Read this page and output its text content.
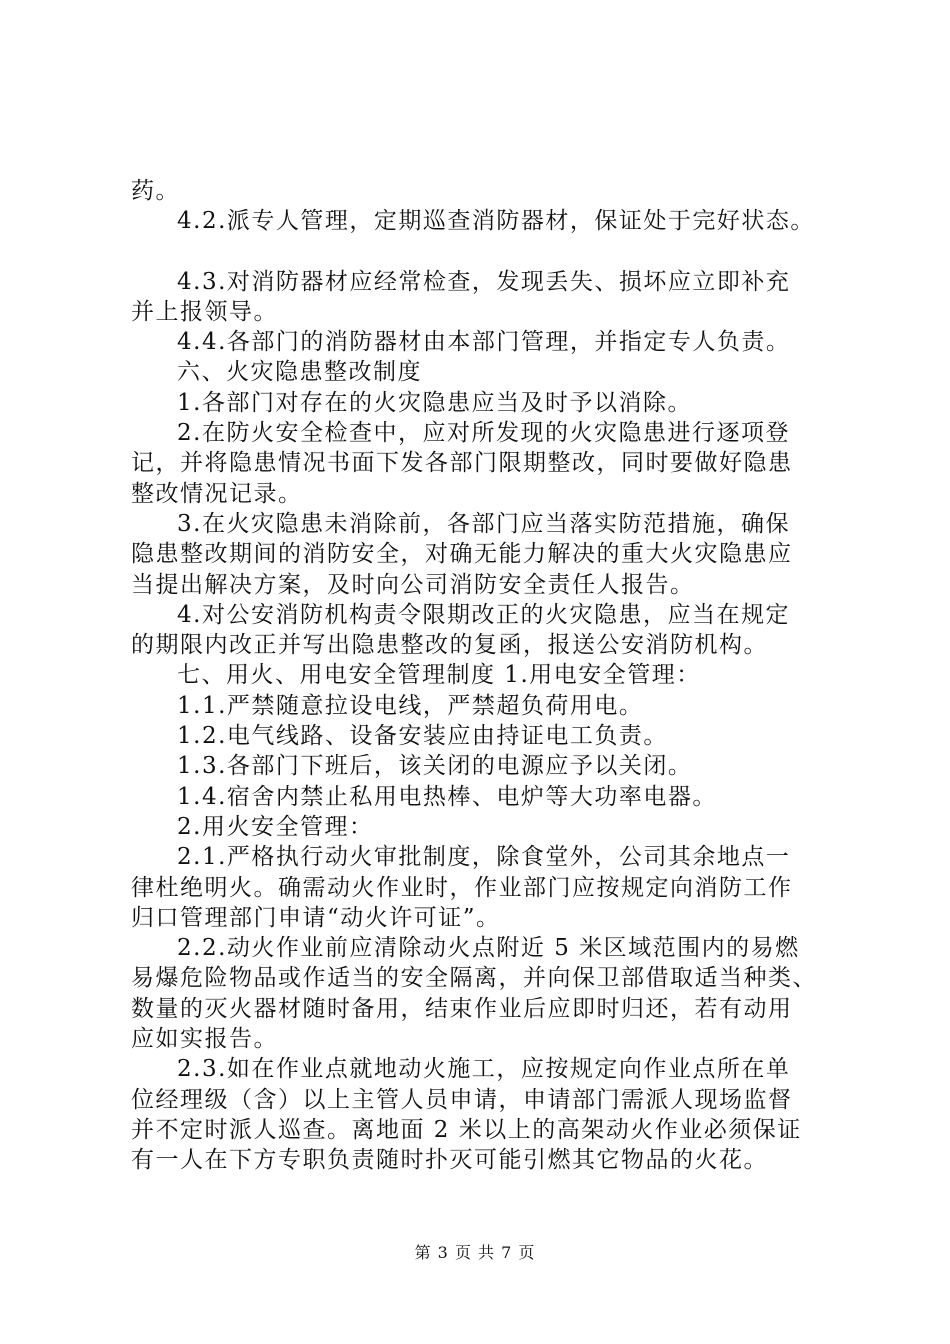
药。
4.2.派专人管理，定期巡查消防器材，保证处于完好状态。
4.3.对消防器材应经常检查，发现丢失、损坏应立即补充
并上报领导。
4.4.各部门的消防器材由本部门管理，并指定专人负责。
六、火灾隐患整改制度
1.各部门对存在的火灾隐患应当及时予以消除。
2.在防火安全检查中，应对所发现的火灾隐患进行逐项登
记，并将隐患情况书面下发各部门限期整改，同时要做好隐患
整改情况记录。
3.在火灾隐患未消除前，各部门应当落实防范措施，确保
隐患整改期间的消防安全，对确无能力解决的重大火灾隐患应
当提出解决方案，及时向公司消防安全责任人报告。
4.对公安消防机构责令限期改正的火灾隐患，应当在规定
的期限内改正并写出隐患整改的复函，报送公安消防机构。
七、用火、用电安全管理制度 1.用电安全管理：
1.1.严禁随意拉设电线，严禁超负荷用电。
1.2.电气线路、设备安装应由持证电工负责。
1.3.各部门下班后，该关闭的电源应予以关闭。
1.4.宿舍内禁止私用电热棒、电炉等大功率电器。
2.用火安全管理：
2.1.严格执行动火审批制度，除食堂外，公司其余地点一
律杜绝明火。确需动火作业时，作业部门应按规定向消防工作
归口管理部门申请“动火许可证”。
2.2.动火作业前应清除动火点附近 5 米区域范围内的易燃
易爆危险物品或作适当的安全隔离，并向保卫部借取适当种类、
数量的灭火器材随时备用，结束作业后应即时归还，若有动用
应如实报告。
2.3.如在作业点就地动火施工，应按规定向作业点所在单
位经理级（含）以上主管人员申请，申请部门需派人现场监督
并不定时派人巡查。离地面 2 米以上的高架动火作业必须保证
有一人在下方专职负责随时扑灭可能引燃其它物品的火花。
第 3 页 共 7 页
